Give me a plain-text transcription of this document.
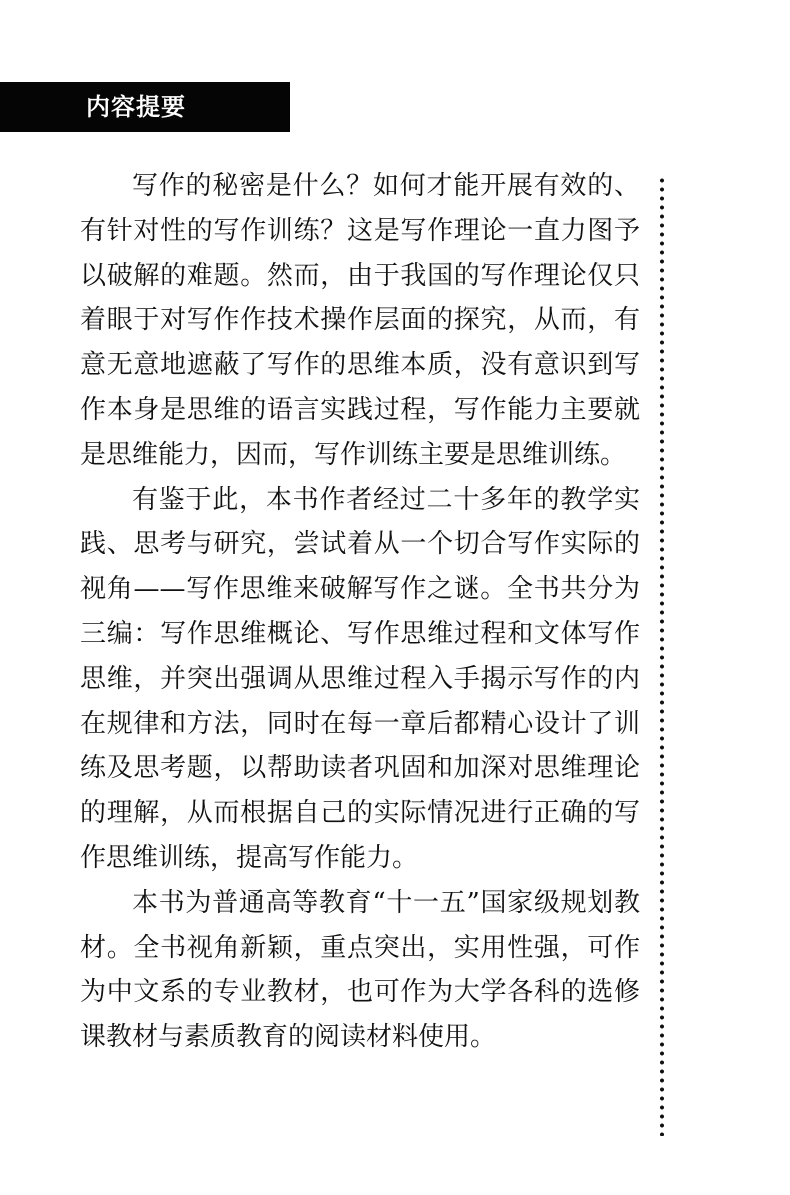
内容提要

写作的秘密是什么？如何才能开展有效的、有针对性的写作训练？这是写作理论一直力图予以破解的难题。然而，由于我国的写作理论仅只着眼于对写作作技术操作层面的探究，从而，有意无意地遮蔽了写作的思维本质，没有意识到写作本身是思维的语言实践过程，写作能力主要就是思维能力，因而，写作训练主要是思维训练。

有鉴于此，本书作者经过二十多年的教学实践、思考与研究，尝试着从一个切合写作实际的视角——写作思维来破解写作之谜。全书共分为三编：写作思维概论、写作思维过程和文体写作思维，并突出强调从思维过程入手揭示写作的内在规律和方法，同时在每一章后都精心设计了训练及思考题，以帮助读者巩固和加深对思维理论的理解，从而根据自己的实际情况进行正确的写作思维训练，提高写作能力。

本书为普通高等教育“十一五”国家级规划教材。全书视角新颖，重点突出，实用性强，可作为中文系的专业教材，也可作为大学各科的选修课教材与素质教育的阅读材料使用。
